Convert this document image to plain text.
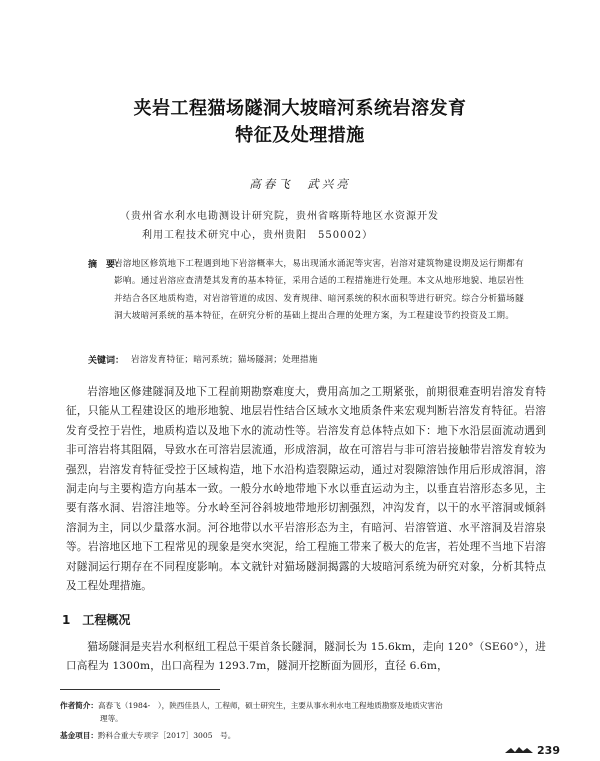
夹岩工程猫场隧洞大坡暗河系统岩溶发育
特征及处理措施
高春飞　武兴亮
（贵州省水利水电勘测设计研究院，贵州省喀斯特地区水资源开发
利用工程技术研究中心，贵州贵阳　550002）
摘　要：
岩溶地区修筑地下工程遇到地下岩溶概率大，易出现涌水涌泥等灾害，岩溶对建筑物建设期及运行期都有影响。通过岩溶应查清楚其发育的基本特征，采用合适的工程措施进行处理。本文从地形地貌、地层岩性并结合各区地质构造，对岩溶管道的成因、发育规律、暗河系统的积水面积等进行研究。综合分析猫场隧洞大坡暗河系统的基本特征，在研究分析的基础上提出合理的处理方案，为工程建设节约投资及工期。
关键词： 岩溶发育特征；暗河系统；猫场隧洞；处理措施
岩溶地区修建隧洞及地下工程前期勘察难度大，费用高加之工期紧张，前期很难查明岩溶发育特征，只能从工程建设区的地形地貌、地层岩性结合区域水文地质条件来宏观判断岩溶发育特征。岩溶发育受控于岩性，地质构造以及地下水的流动性等。岩溶发育总体特点如下：地下水沿层面流动遇到非可溶岩将其阻隔，导致水在可溶岩层流通，形成溶洞，故在可溶岩与非可溶岩接触带岩溶发育较为强烈，岩溶发育特征受控于区域构造，地下水沿构造裂隙运动，通过对裂隙溶蚀作用后形成溶洞，溶洞走向与主要构造方向基本一致。一般分水岭地带地下水以垂直运动为主，以垂直岩溶形态多见，主要有落水洞、岩溶洼地等。分水岭至河谷斜坡地带地形切割强烈，冲沟发育，以干的水平溶洞或倾斜溶洞为主，同以少量落水洞。河谷地带以水平岩溶形态为主，有暗河、岩溶管道、水平溶洞及岩溶泉等。岩溶地区地下工程常见的现象是突水突泥，给工程施工带来了极大的危害，若处理不当地下岩溶对隧洞运行期存在不同程度影响。本文就针对猫场隧洞揭露的大坡暗河系统为研究对象，分析其特点及工程处理措施。
1 工程概况
猫场隧洞是夹岩水利枢纽工程总干渠首条长隧洞，隧洞长为 15.6km，走向 120°（SE60°），进口高程为 1300m，出口高程为 1293.7m，隧洞开挖断面为圆形，直径 6.6m，
作者简介：高春飞（1984-　），陕西佳县人，工程师，硕士研究生，主要从事水利水电工程地质勘察及地质灾害治
理等。
基金项目：黔科合重大专项字［2017］3005　号。
239
